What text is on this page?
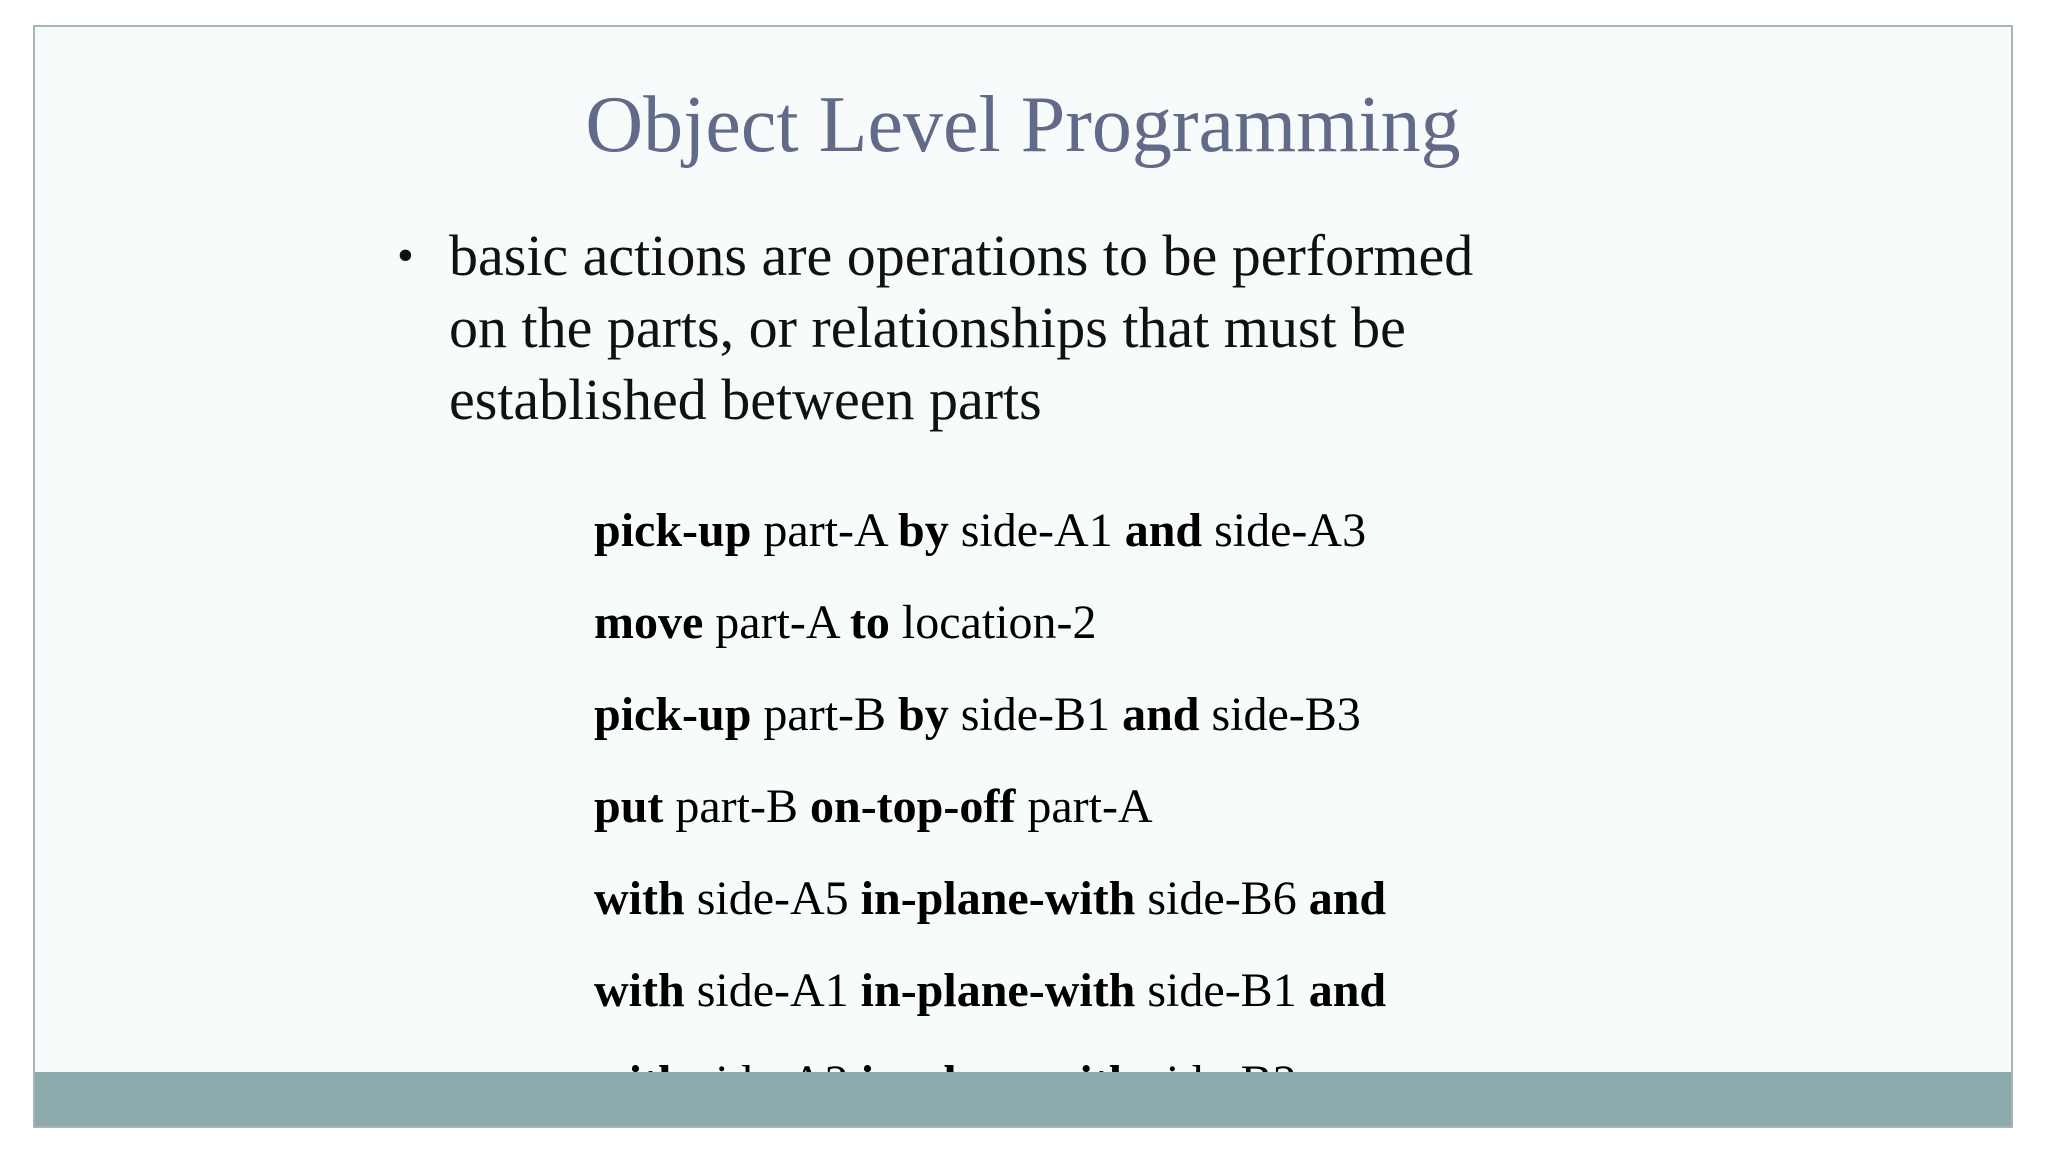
Object Level Programming
• basic actions are operations to be performed
on the parts, or relationships that must be
established between parts
pick-up part-A by side-A1 and side-A3
move part-A to location-2
pick-up part-B by side-B1 and side-B3
put part-B on-top-off part-A
with side-A5 in-plane-with side-B6 and
with side-A1 in-plane-with side-B1 and
